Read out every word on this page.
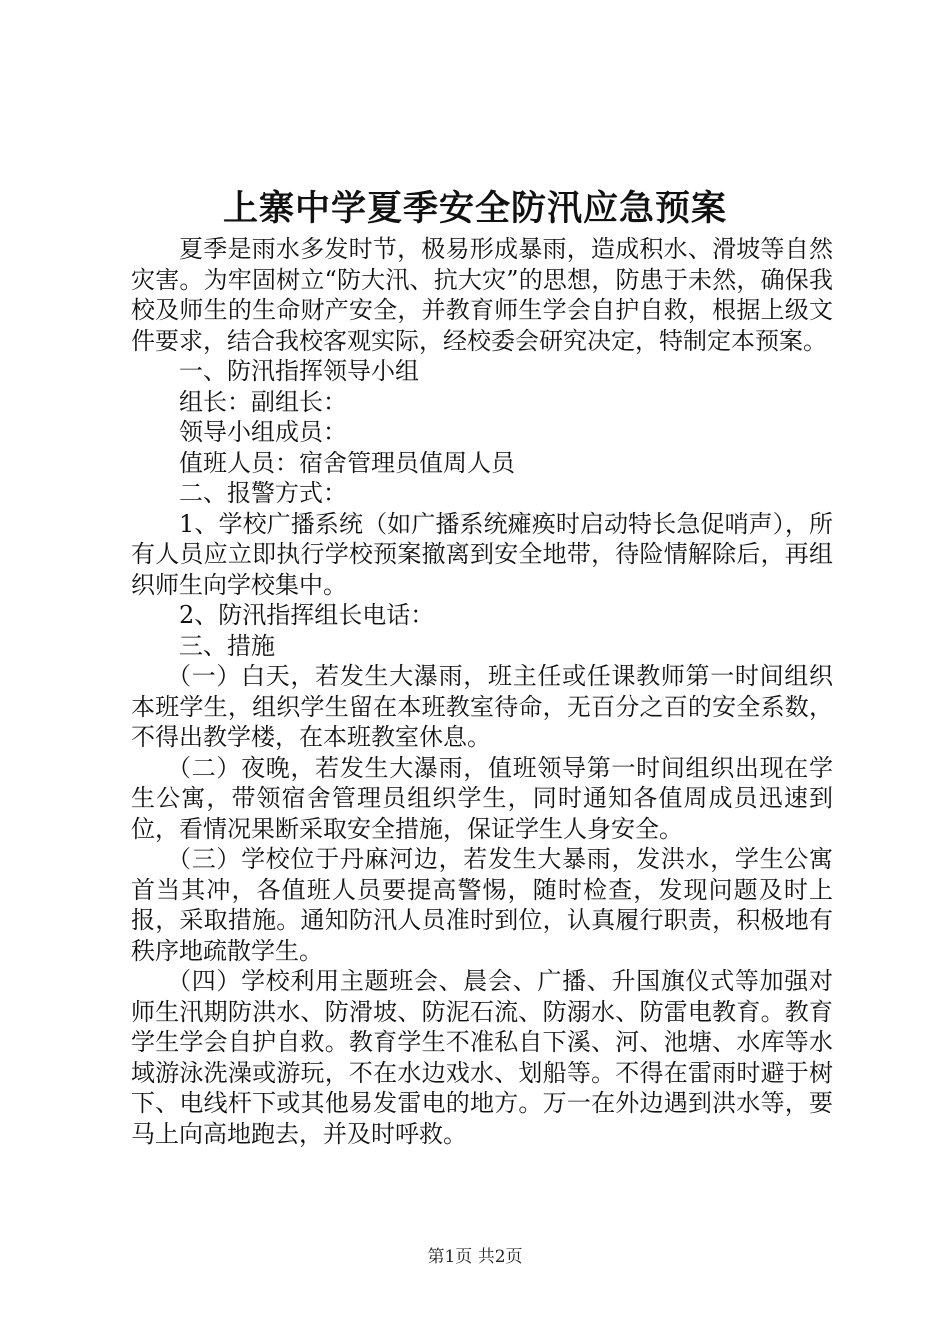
上寨中学夏季安全防汛应急预案

夏季是雨水多发时节，极易形成暴雨，造成积水、滑坡等自然灾害。为牢固树立“防大汛、抗大灾”的思想，防患于未然，确保我校及师生的生命财产安全，并教育师生学会自护自救，根据上级文件要求，结合我校客观实际，经校委会研究决定，特制定本预案。

一、防汛指挥领导小组

组长：副组长：

领导小组成员：

值班人员：宿舍管理员值周人员

二、报警方式：

1、学校广播系统（如广播系统瘫痪时启动特长急促哨声），所有人员应立即执行学校预案撤离到安全地带，待险情解除后，再组织师生向学校集中。

2、防汛指挥组长电话：

三、措施

（一）白天，若发生大瀑雨，班主任或任课教师第一时间组织本班学生，组织学生留在本班教室待命，无百分之百的安全系数，不得出教学楼，在本班教室休息。

（二）夜晚，若发生大瀑雨，值班领导第一时间组织出现在学生公寓，带领宿舍管理员组织学生，同时通知各值周成员迅速到位，看情况果断采取安全措施，保证学生人身安全。

（三）学校位于丹麻河边，若发生大暴雨，发洪水，学生公寓首当其冲，各值班人员要提高警惕，随时检查，发现问题及时上报，采取措施。通知防汛人员准时到位，认真履行职责，积极地有秩序地疏散学生。

（四）学校利用主题班会、晨会、广播、升国旗仪式等加强对师生汛期防洪水、防滑坡、防泥石流、防溺水、防雷电教育。教育学生学会自护自救。教育学生不准私自下溪、河、池塘、水库等水域游泳洗澡或游玩，不在水边戏水、划船等。不得在雷雨时避于树下、电线杆下或其他易发雷电的地方。万一在外边遇到洪水等，要马上向高地跑去，并及时呼救。

第1页 共2页
